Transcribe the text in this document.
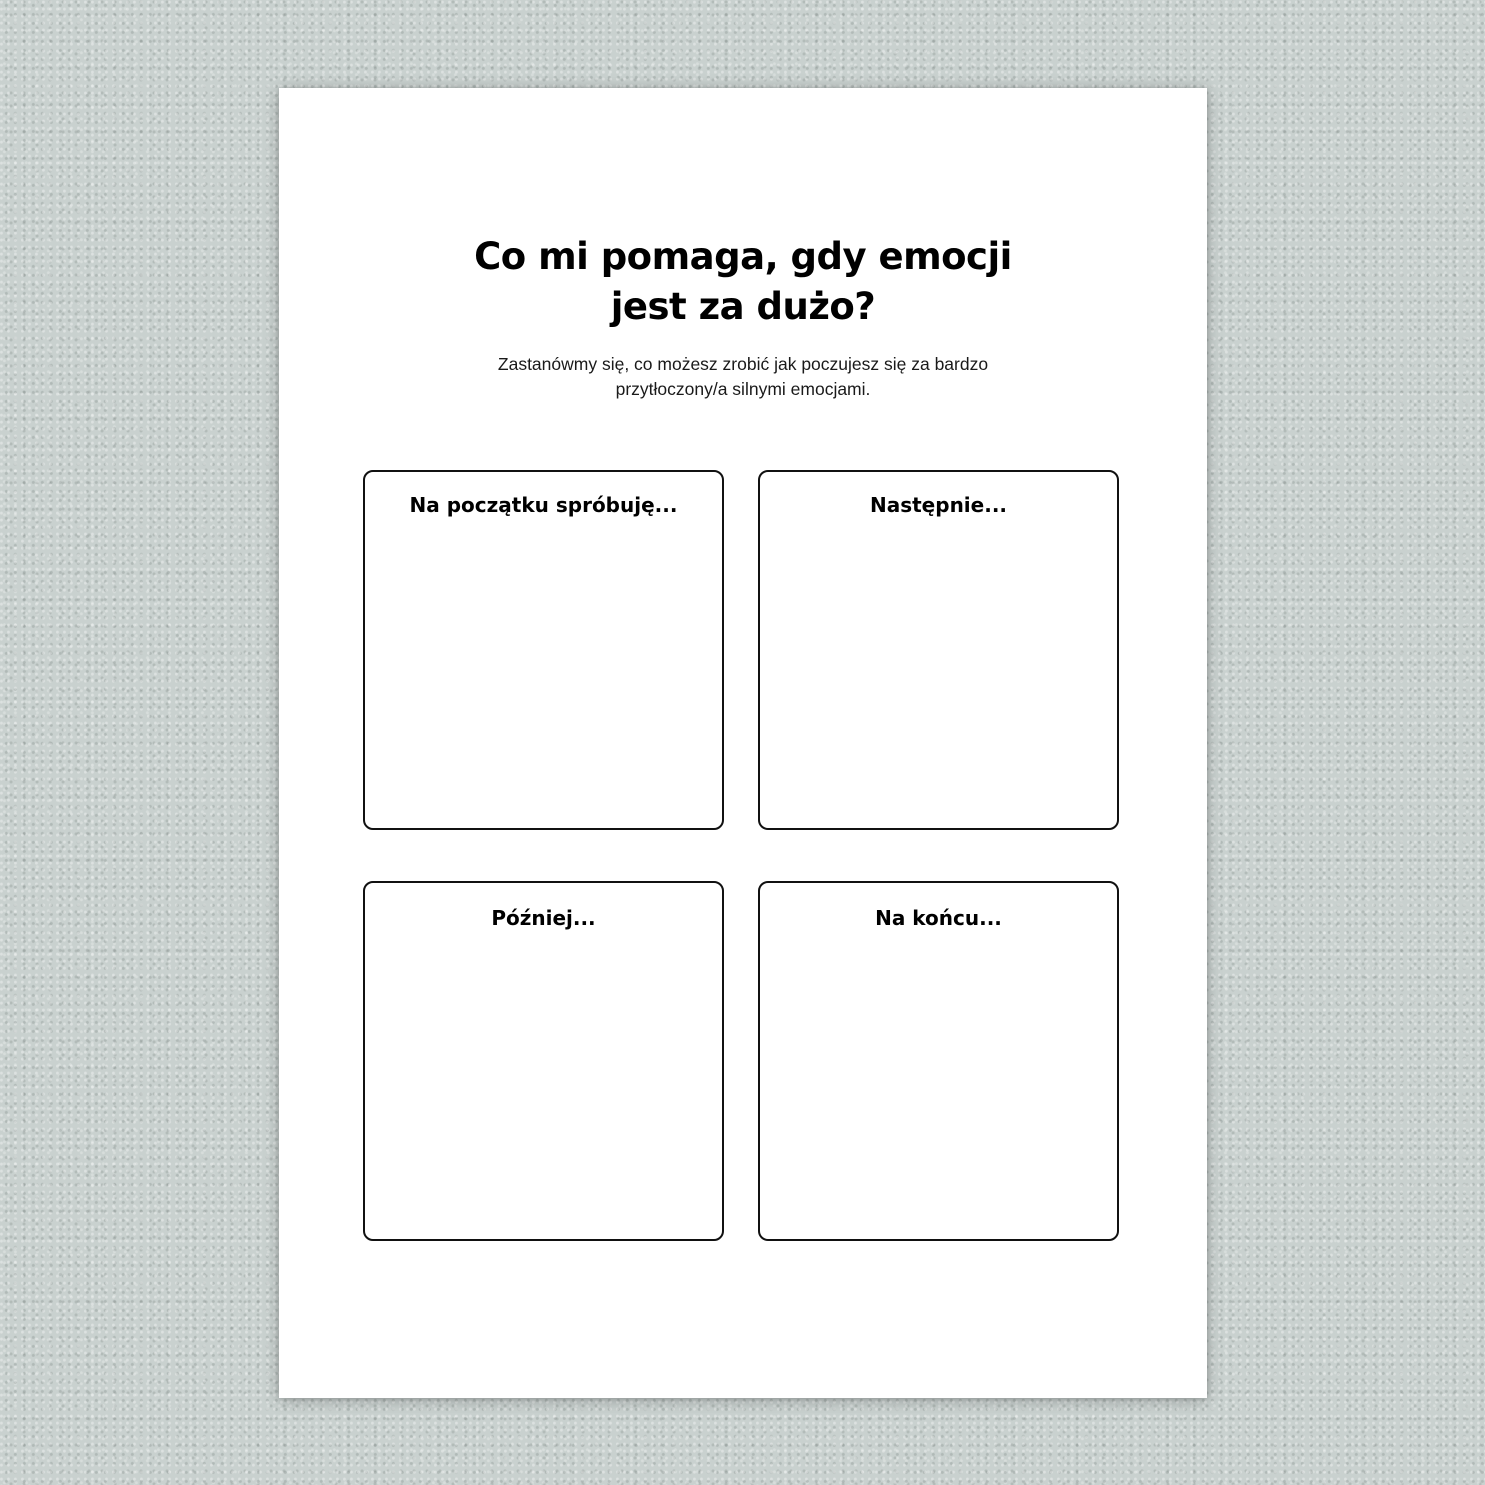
Co mi pomaga, gdy emocji
jest za dużo?

Zastanówmy się, co możesz zrobić jak poczujesz się za bardzo
przytłoczony/a silnymi emocjami.

Na początku spróbuję...	Następnie...
Później...	Na końcu...
